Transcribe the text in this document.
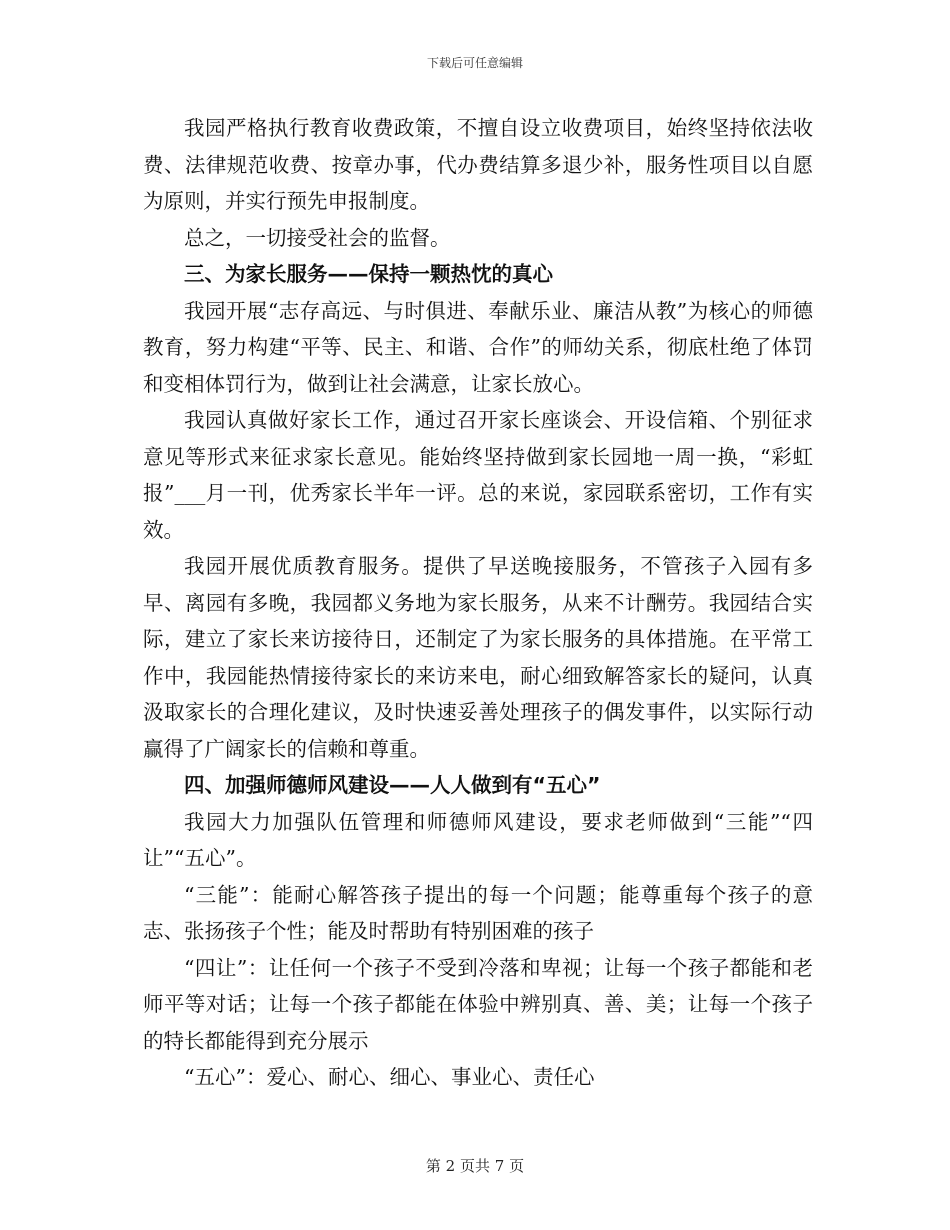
下载后可任意编辑

我园严格执行教育收费政策，不擅自设立收费项目，始终坚持依法收费、法律规范收费、按章办事，代办费结算多退少补，服务性项目以自愿为原则，并实行预先申报制度。

总之，一切接受社会的监督。

三、为家长服务——保持一颗热忱的真心

我园开展“志存高远、与时俱进、奉献乐业、廉洁从教”为核心的师德教育，努力构建“平等、民主、和谐、合作”的师幼关系，彻底杜绝了体罚和变相体罚行为，做到让社会满意，让家长放心。

我园认真做好家长工作，通过召开家长座谈会、开设信箱、个别征求意见等形式来征求家长意见。能始终坚持做到家长园地一周一换，“彩虹报”___月一刊，优秀家长半年一评。总的来说，家园联系密切，工作有实效。

我园开展优质教育服务。提供了早送晚接服务，不管孩子入园有多早、离园有多晚，我园都义务地为家长服务，从来不计酬劳。我园结合实际，建立了家长来访接待日，还制定了为家长服务的具体措施。在平常工作中，我园能热情接待家长的来访来电，耐心细致解答家长的疑问，认真汲取家长的合理化建议，及时快速妥善处理孩子的偶发事件，以实际行动赢得了广阔家长的信赖和尊重。

四、加强师德师风建设——人人做到有“五心”

我园大力加强队伍管理和师德师风建设，要求老师做到“三能”“四让”“五心”。

“三能”：能耐心解答孩子提出的每一个问题；能尊重每个孩子的意志、张扬孩子个性；能及时帮助有特别困难的孩子

“四让”：让任何一个孩子不受到冷落和卑视；让每一个孩子都能和老师平等对话；让每一个孩子都能在体验中辨别真、善、美；让每一个孩子的特长都能得到充分展示

“五心”：爱心、耐心、细心、事业心、责任心

第 2 页共 7 页
